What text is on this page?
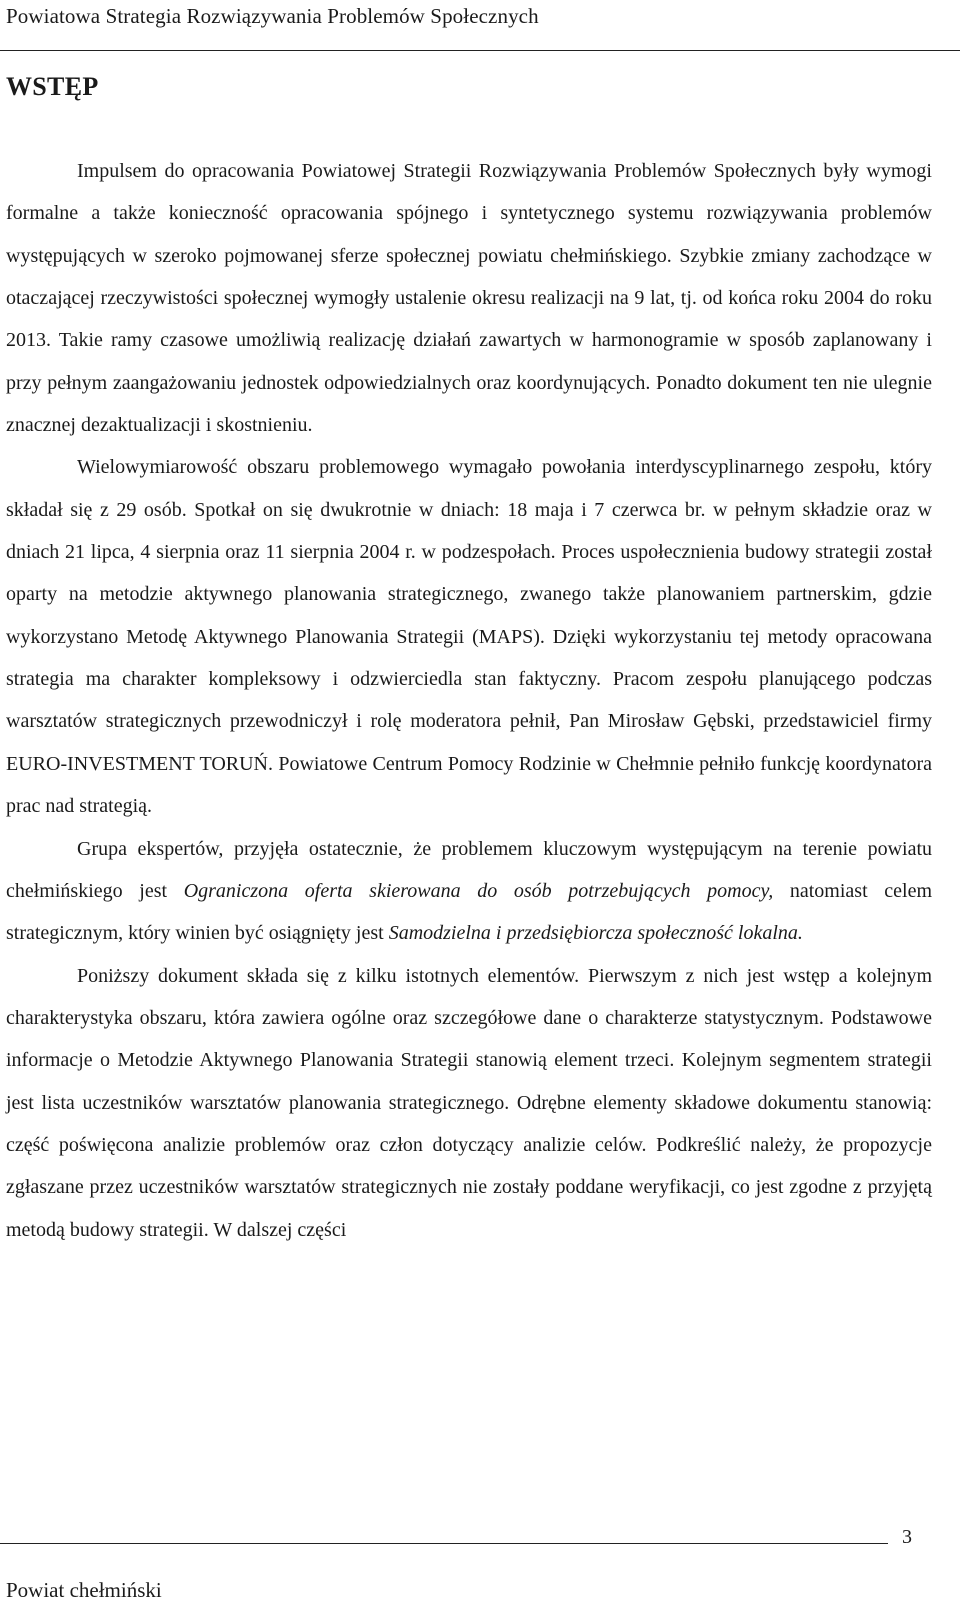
Powiatowa Strategia Rozwiązywania Problemów Społecznych
WSTĘP

Impulsem do opracowania Powiatowej Strategii Rozwiązywania Problemów Społecznych były wymogi formalne a także konieczność opracowania spójnego i syntetycznego systemu rozwiązywania problemów występujących w szeroko pojmowanej sferze społecznej powiatu chełmińskiego. Szybkie zmiany zachodzące w otaczającej rzeczywistości społecznej wymogły ustalenie okresu realizacji na 9 lat, tj. od końca roku 2004 do roku 2013. Takie ramy czasowe umożliwią realizację działań zawartych w harmonogramie w sposób zaplanowany i przy pełnym zaangażowaniu jednostek odpowiedzialnych oraz koordynujących. Ponadto dokument ten nie ulegnie znacznej dezaktualizacji i skostnieniu.

Wielowymiarowość obszaru problemowego wymagało powołania interdyscyplinarnego zespołu, który składał się z 29 osób. Spotkał on się dwukrotnie w dniach: 18 maja i 7 czerwca br. w pełnym składzie oraz w dniach 21 lipca, 4 sierpnia oraz 11 sierpnia 2004 r. w podzespołach. Proces uspołecznienia budowy strategii został oparty na metodzie aktywnego planowania strategicznego, zwanego także planowaniem partnerskim, gdzie wykorzystano Metodę Aktywnego Planowania Strategii (MAPS). Dzięki wykorzystaniu tej metody opracowana strategia ma charakter kompleksowy i odzwierciedla stan faktyczny. Pracom zespołu planującego podczas warsztatów strategicznych przewodniczył i rolę moderatora pełnił, Pan Mirosław Gębski, przedstawiciel firmy EURO-INVESTMENT TORUŃ. Powiatowe Centrum Pomocy Rodzinie w Chełmnie pełniło funkcję koordynatora prac nad strategią.

Grupa ekspertów, przyjęła ostatecznie, że problemem kluczowym występującym na terenie powiatu chełmińskiego jest Ograniczona oferta skierowana do osób potrzebujących pomocy, natomiast celem strategicznym, który winien być osiągnięty jest Samodzielna i przedsiębiorcza społeczność lokalna.

Poniższy dokument składa się z kilku istotnych elementów. Pierwszym z nich jest wstęp a kolejnym charakterystyka obszaru, która zawiera ogólne oraz szczegółowe dane o charakterze statystycznym. Podstawowe informacje o Metodzie Aktywnego Planowania Strategii stanowią element trzeci. Kolejnym segmentem strategii jest lista uczestników warsztatów planowania strategicznego. Odrębne elementy składowe dokumentu stanowią: część poświęcona analizie problemów oraz człon dotyczący analizie celów. Podkreślić należy, że propozycje zgłaszane przez uczestników warsztatów strategicznych nie zostały poddane weryfikacji, co jest zgodne z przyjętą metodą budowy strategii. W dalszej części

3
Powiat chełmiński
